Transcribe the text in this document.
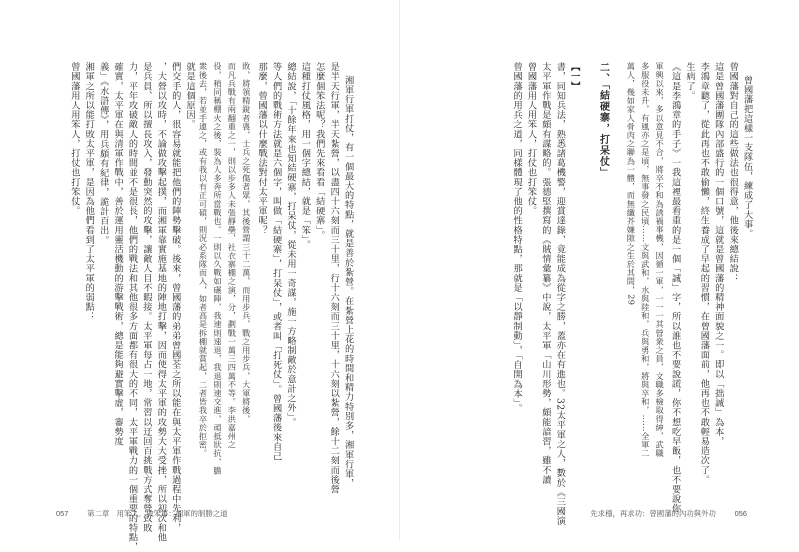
湘軍行軍打仗，有一個最大的特點，就是善於紮營。在紮營上花的時間和精力特別多，湘軍行軍，
是半天行軍，半天紮營，以盡四十六刻而三十里，行十六刻而三十里，十六刻以紮營，餘十二刻而後營
怎麼個笨法呢？我們先來看看「結硬寨」。
這種打仗風格，用一個字總結，就是「笨」。
總結說，「十餘年來也知結硬寨，打呆仗，從未用一奇謀，施一方略制敵於意計之外」。
等人們的戰術方法就是六個字，叫做「結硬寨」，打呆仗」，或者叫「打死仗」。曾國藩後來自己
那麼，曾國藩以什麼戰法對付太平軍呢？
敗，將領精銳者喪，士兵之死傷者眾，其後營謂三十二萬，而用步兵，戰之用步兵，大軍將後，
而凡兵戰有兩翻重之一，則以步多人未張靜壘，社衣寨棚之演，分，劃戰一萬三四萬不等。李洪嘉州之
役，稍同稱棚火之後，裝為人多奔所當戰也。一則以久戰如碾陣，我速則速退，我退則速交進，頑抵狀抗，膽
衆後去，若並手連之，或有我以有正可碩，則況必系隊而入，如者高是拆棚就賞起，二者皆我卒於拒密。
就是這個原因。
們交手的人，很容易就能把他們的陣勢擊破。後來，曾國藩的弟弟曾國荃之所以能在與太平軍作戰過程中先利，
，大營以攻時，不論做攻擊起撲，而湘軍靠實施基地的陣地打擊，因而使得太平軍的攻勢大大受挫，所以初次和他
是兵員、所以擅長攻入，發動突然的攻擊，讓敵人目不暇接。太平軍每占一地，常習以迂回百挑戰方式奪營致敗
力，平年攻破敵人的時間並不是很長，他們的戰法和其他很多方面都有很大的不同，太平軍戰力的一個重要的特點，
確實，太平軍在與清軍作戰中，善於運用靈活機動的游擊戰術，總是能夠避實擊虛，審勢度
義」《水滸傳》，用兵頗有紀律，詭計百出。
湘軍之所以能打敗太平軍，是因為他們看到了太平軍的弱點：
曾國藩用人用笨人，打仗也打笨仗。

057	第二章　用笨人．做笨事：湘軍的制勝之道

曾國藩把這樣一支隊伍，練成了大事。
曾國藩對自己的這些做法也很得意，他後來總結說：
這是曾國藩團隊內部盛行的一個口號，這就是曾國藩的精神面貌之一。即以「拙誠」為本，
李鴻章聽了，從此再也不敢偷懶，終生養成了早起的習慣，在曾國藩面前，他再也不敢輕易造次了。
生病了。
《這是李鴻章的手子》一我這裡最看重的是一個「誠」字，所以誰也不要說謊，你不想吃早飯，也不要說你
軍興以來，多以意見不合，將卒不和為誘禍事機，因循一軍，一一一其營衆之員，文職多檢取得紳，武職
多服役未升，有風亦之是頃，無事發之民頃……文與武和，水與陸和，兵與勇和，將與卒和，……全軍二
萬人，幾如家人骨肉之聯為一體，而無纖芥嫌隙之生於其間，29

二、「結硬寨，打呆仗」

【一】
書，同知兵法，熟悉諸葛機警，迎賞達錄，竟能成為從字之勝，蓋亦在有進也。32太平軍之人，數於《三國演
太平軍作戰是頗有謀略的。張德堅撰寫的《賊情彙纂》中說，太平軍「山川形勢，頗能諳習，雖不讀
曾國藩用人用笨人，打仗也打笨仗。
曾國藩的用兵之道，同樣體現了他的性格特點，那就是「以靜制動」，「自開為本」。

先求穩，再求功：曾國藩的內功與外功	056
